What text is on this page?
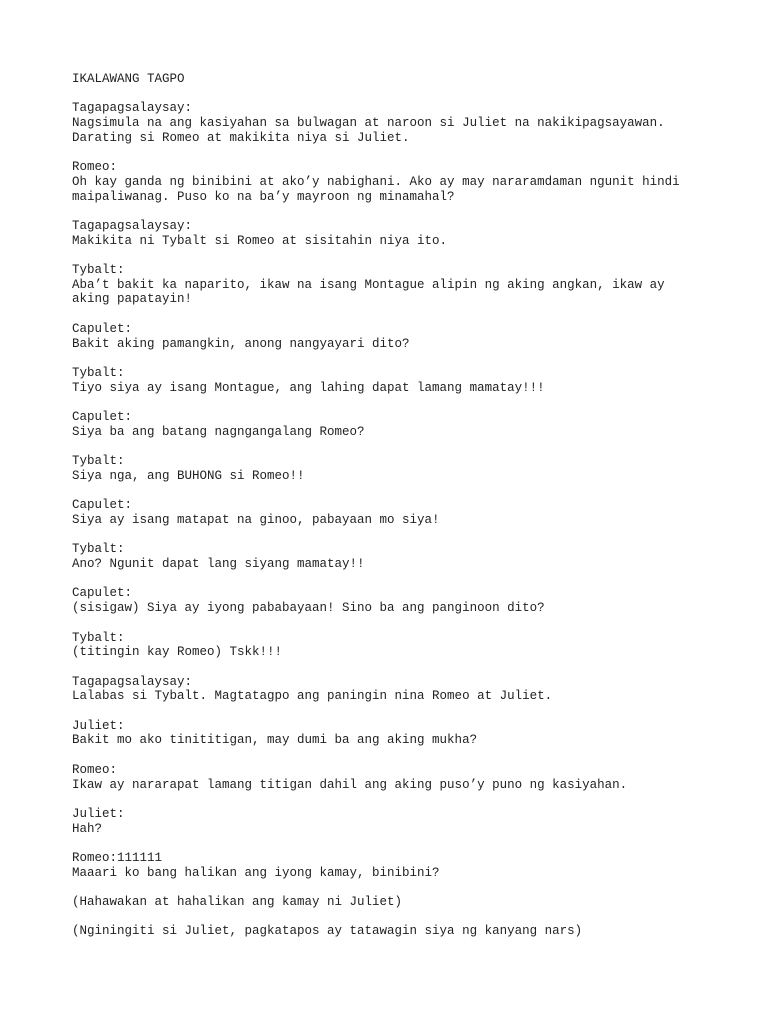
IKALAWANG TAGPO
Tagapagsalaysay:
Nagsimula na ang kasiyahan sa bulwagan at naroon si Juliet na nakikipagsayawan.
Darating si Romeo at makikita niya si Juliet.
Romeo:
Oh kay ganda ng binibini at ako’y nabighani. Ako ay may nararamdaman ngunit hindi
maipaliwanag. Puso ko na ba’y mayroon ng minamahal?
Tagapagsalaysay:
Makikita ni Tybalt si Romeo at sisitahin niya ito.
Tybalt:
Aba’t bakit ka naparito, ikaw na isang Montague alipin ng aking angkan, ikaw ay
aking papatayin!
Capulet:
Bakit aking pamangkin, anong nangyayari dito?
Tybalt:
Tiyo siya ay isang Montague, ang lahing dapat lamang mamatay!!!
Capulet:
Siya ba ang batang nagngangalang Romeo?
Tybalt:
Siya nga, ang BUHONG si Romeo!!
Capulet:
Siya ay isang matapat na ginoo, pabayaan mo siya!
Tybalt:
Ano? Ngunit dapat lang siyang mamatay!!
Capulet:
(sisigaw) Siya ay iyong pababayaan! Sino ba ang panginoon dito?
Tybalt:
(titingin kay Romeo) Tskk!!!
Tagapagsalaysay:
Lalabas si Tybalt. Magtatagpo ang paningin nina Romeo at Juliet.
Juliet:
Bakit mo ako tinititigan, may dumi ba ang aking mukha?
Romeo:
Ikaw ay nararapat lamang titigan dahil ang aking puso’y puno ng kasiyahan.
Juliet:
Hah?
Romeo:111111
Maaari ko bang halikan ang iyong kamay, binibini?
(Hahawakan at hahalikan ang kamay ni Juliet)
(Nginingiti si Juliet, pagkatapos ay tatawagin siya ng kanyang nars)
